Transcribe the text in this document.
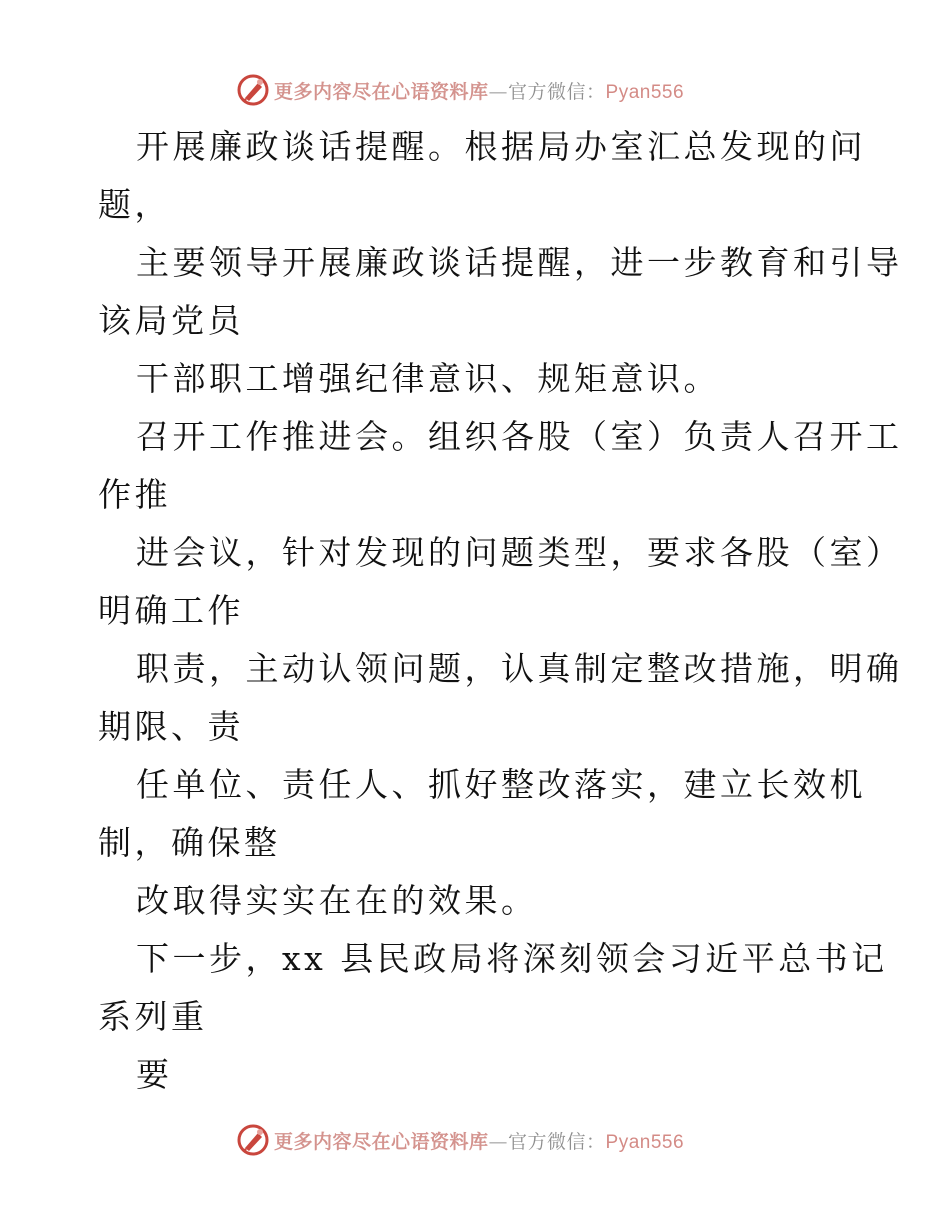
更多内容尽在心语资料库—官方微信：Pyan556
开展廉政谈话提醒。根据局办室汇总发现的问
题，
主要领导开展廉政谈话提醒，进一步教育和引导
该局党员
干部职工增强纪律意识、规矩意识。
召开工作推进会。组织各股（室）负责人召开工
作推
进会议，针对发现的问题类型，要求各股（室）
明确工作
职责，主动认领问题，认真制定整改措施，明确
期限、责
任单位、责任人、抓好整改落实，建立长效机
制，确保整
改取得实实在在的效果。
下一步，xx 县民政局将深刻领会习近平总书记
系列重
要
更多内容尽在心语资料库—官方微信：Pyan556
